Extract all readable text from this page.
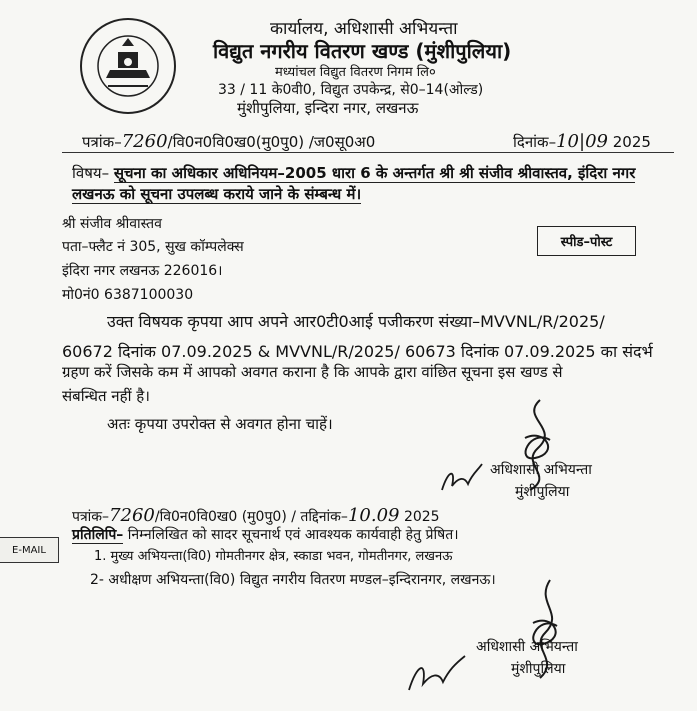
कार्यालय, अधिशासी अभियन्ता
विद्युत नगरीय वितरण खण्ड (मुंशीपुलिया)
मध्यांचल विद्युत वितरण निगम लि०
33 / 11 के0वी0, विद्युत उपकेन्द्र, से0–14(ओल्ड)
मुंशीपुलिया, इन्दिरा नगर, लखनऊ
पत्रांक–7260/वि0न0वि0ख0(मु0पु0) /ज0सू0अ0	दिनांक–10|09 2025
विषय– सूचना का अधिकार अधिनियम–2005 धारा 6 के अन्तर्गत श्री श्री संजीव श्रीवास्तव, इंदिरा नगर लखनऊ को सूचना उपलब्ध कराये जाने के संम्बन्ध में।
श्री संजीव श्रीवास्तव
पता–फ्लैट नं 305, सुख कॉम्पलेक्स
इंदिरा नगर लखनऊ 226016।
मो0नं0 6387100030
स्पीड–पोस्ट
उक्त विषयक कृपया आप अपने आर0टी0आई पजीकरण संख्या–MVVNL/R/2025/
60672 दिनांक 07.09.2025 & MVVNL/R/2025/ 60673 दिनांक 07.09.2025 का संदर्भ
ग्रहण करें जिसके कम में आपको अवगत कराना है कि आपके द्वारा वांछित सूचना इस खण्ड से
संबन्धित नहीं है।
अतः कृपया उपरोक्त से अवगत होना चाहें।
अधिशासी अभियन्ता
मुंशीपुलिया
पत्रांक–7260/वि0न0वि0ख0 (मु0पु0) / तद्दिनांक–10.09 2025
प्रतिलिपि– निम्नलिखित को सादर सूचनार्थ एवं आवश्यक कार्यवाही हेतु प्रेषित।
1. मुख्य अभियन्ता(वि0) गोमतीनगर क्षेत्र, स्काडा भवन, गोमतीनगर, लखनऊ
2- अधीक्षण अभियन्ता(वि0) विद्युत नगरीय वितरण मण्डल–इन्दिरानगर, लखनऊ।
E-MAIL
अधिशासी अभियन्ता
मुंशीपुलिया
